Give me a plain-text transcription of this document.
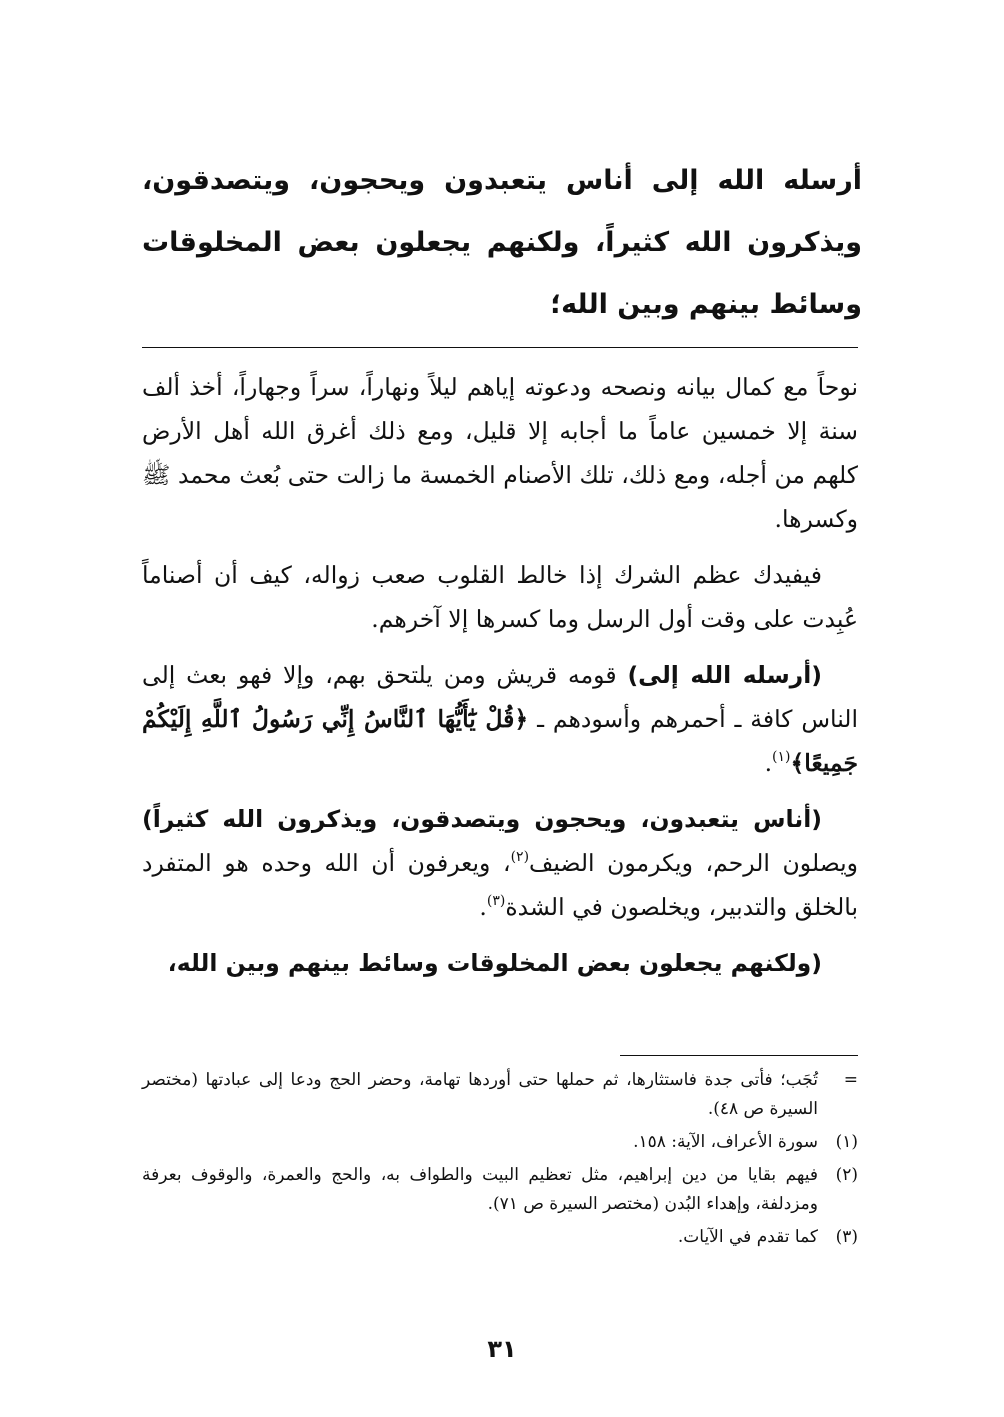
أرسله الله إلى أناس يتعبدون ويحجون، ويتصدقون، ويذكرون الله كثيراً، ولكنهم يجعلون بعض المخلوقات وسائط بينهم وبين الله؛

نوحاً مع كمال بيانه ونصحه ودعوته إياهم ليلاً ونهاراً، سراً وجهاراً، أخذ ألف سنة إلا خمسين عاماً ما أجابه إلا قليل، ومع ذلك أغرق الله أهل الأرض كلهم من أجله، ومع ذلك، تلك الأصنام الخمسة ما زالت حتى بُعث محمد ﷺ وكسرها.

فيفيدك عظم الشرك إذا خالط القلوب صعب زواله، كيف أن أصناماً عُبِدت على وقت أول الرسل وما كسرها إلا آخرهم.

(أرسله الله إلى) قومه قريش ومن يلتحق بهم، وإلا فهو بعث إلى الناس كافة ـ أحمرهم وأسودهم ـ ﴿قُلْ يَٰٓأَيُّهَا ٱلنَّاسُ إِنِّي رَسُولُ ٱللَّهِ إِلَيْكُمْ جَمِيعًا﴾$^{(١)}$.

(أناس يتعبدون، ويحجون ويتصدقون، ويذكرون الله كثيراً) ويصلون الرحم، ويكرمون الضيف$^{(٢)}$، ويعرفون أن الله وحده هو المتفرد بالخلق والتدبير، ويخلصون في الشدة$^{(٣)}$.

(ولكنهم يجعلون بعض المخلوقات وسائط بينهم وبين الله،

=
تُجَب؛ فأتى جدة فاستثارها، ثم حملها حتى أوردها تهامة، وحضر الحج ودعا إلى عبادتها (مختصر السيرة ص ٤٨).
(١)
سورة الأعراف، الآية: ١٥٨.
(٢)
فيهم بقايا من دين إبراهيم، مثل تعظيم البيت والطواف به، والحج والعمرة، والوقوف بعرفة ومزدلفة، وإهداء البُدن (مختصر السيرة ص ٧١).
(٣)
كما تقدم في الآيات.
٣١
